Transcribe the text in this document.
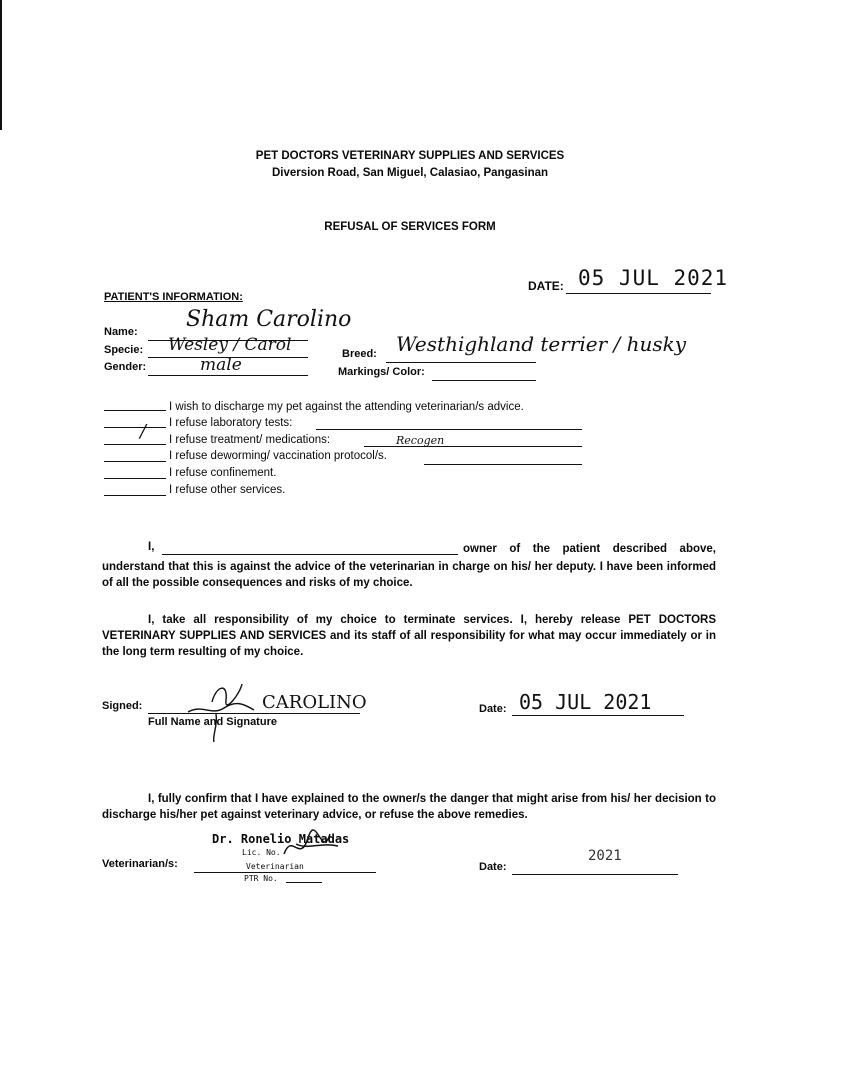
PET DOCTORS VETERINARY SUPPLIES AND SERVICES
Diversion Road, San Miguel, Calasiao, Pangasinan
REFUSAL OF SERVICES FORM
DATE: 05 JUL 2021
PATIENT'S INFORMATION:
Name: Sham Carolino
Specie: Wesley / Carol
Gender:	male
Breed: Westhighland terrier / husky
Markings/ Color:
I wish to discharge my pet against the attending veterinarian/s advice.
I refuse laboratory tests:
/ I refuse treatment/ medications:	Recogen
I refuse deworming/ vaccination protocol/s.
I refuse confinement.
I refuse other services.
I,	owner of the patient described above,
understand that this is against the advice of the veterinarian in charge on his/ her deputy. I have been informed of all the possible consequences and risks of my choice.
I, take all responsibility of my choice to terminate services. I, hereby release PET DOCTORS VETERINARY SUPPLIES AND SERVICES and its staff of all responsibility for what may occur immediately or in the long term resulting of my choice.
Signed:	CAROLINO
Full Name and Signature
Date: 05 JUL 2021
I, fully confirm that I have explained to the owner/s the danger that might arise from his/ her decision to discharge his/her pet against veterinary advice, or refuse the above remedies.
Veterinarian/s:
Dr. Ronelio Matadas
Lic. No.
Veterinarian
PTR No.
Date:
2021
